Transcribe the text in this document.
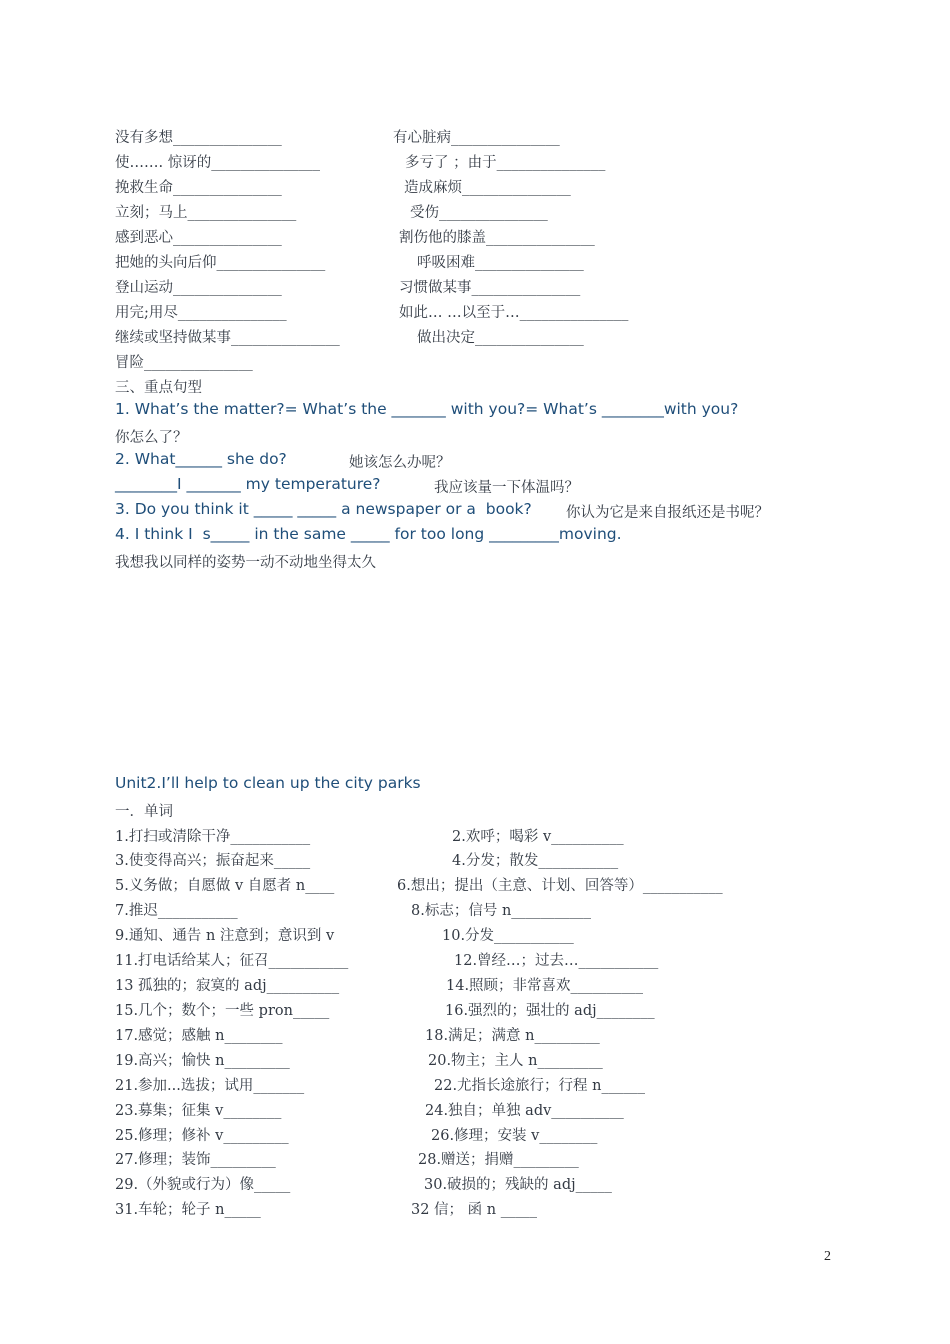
没有多想_______________	有心脏病_______________
使……. 惊讶的_______________	多亏了 ；由于_______________
挽救生命_______________	造成麻烦_______________
立刻；马上_______________	受伤_______________
感到恶心_______________	割伤他的膝盖_______________
把她的头向后仰_______________	呼吸困难_______________
登山运动_______________	习惯做某事_______________
用完;用尽_______________	如此… …以至于…_______________
继续或坚持做某事_______________	做出决定_______________
冒险_______________
三、重点句型
1. What’s the matter?= What’s the _______ with you?= What’s ________with you?
你怎么了？
2. What______ she do?	她该怎么办呢？
________I _______ my temperature?	我应该量一下体温吗？
3. Do you think it _____ _____ a newspaper or a  book? 你认为它是来自报纸还是书呢？
4. I think I  s_____ in the same _____ for too long _________moving.
我想我以同样的姿势一动不动地坐得太久
Unit2.I’ll help to clean up the city parks
一．单词
1.打扫或清除干净___________	2.欢呼；喝彩 v__________
3.使变得高兴；振奋起来_____	4.分发；散发___________
5.义务做；自愿做 v 自愿者 n____	6.想出；提出（主意、计划、回答等）___________
7.推迟___________	8.标志；信号 n___________
9.通知、通告 n 注意到；意识到 v	10.分发___________
11.打电话给某人；征召___________	12.曾经…；过去…___________
13 孤独的；寂寞的 adj__________	14.照顾；非常喜欢__________
15.几个；数个；一些 pron_____	16.强烈的；强壮的 adj________
17.感觉；感触 n________	18.满足；满意 n_________
19.高兴；愉快 n_________	20.物主；主人 n_________
21.参加...选拔；试用_______	22.尤指长途旅行；行程 n______
23.募集；征集 v________	24.独自；单独 adv__________
25.修理；修补 v_________	26.修理；安装 v________
27.修理；装饰_________	28.赠送；捐赠_________
29.（外貌或行为）像_____	30.破损的；残缺的 adj_____
31.车轮；轮子 n_____	32 信； 函 n _____
2
